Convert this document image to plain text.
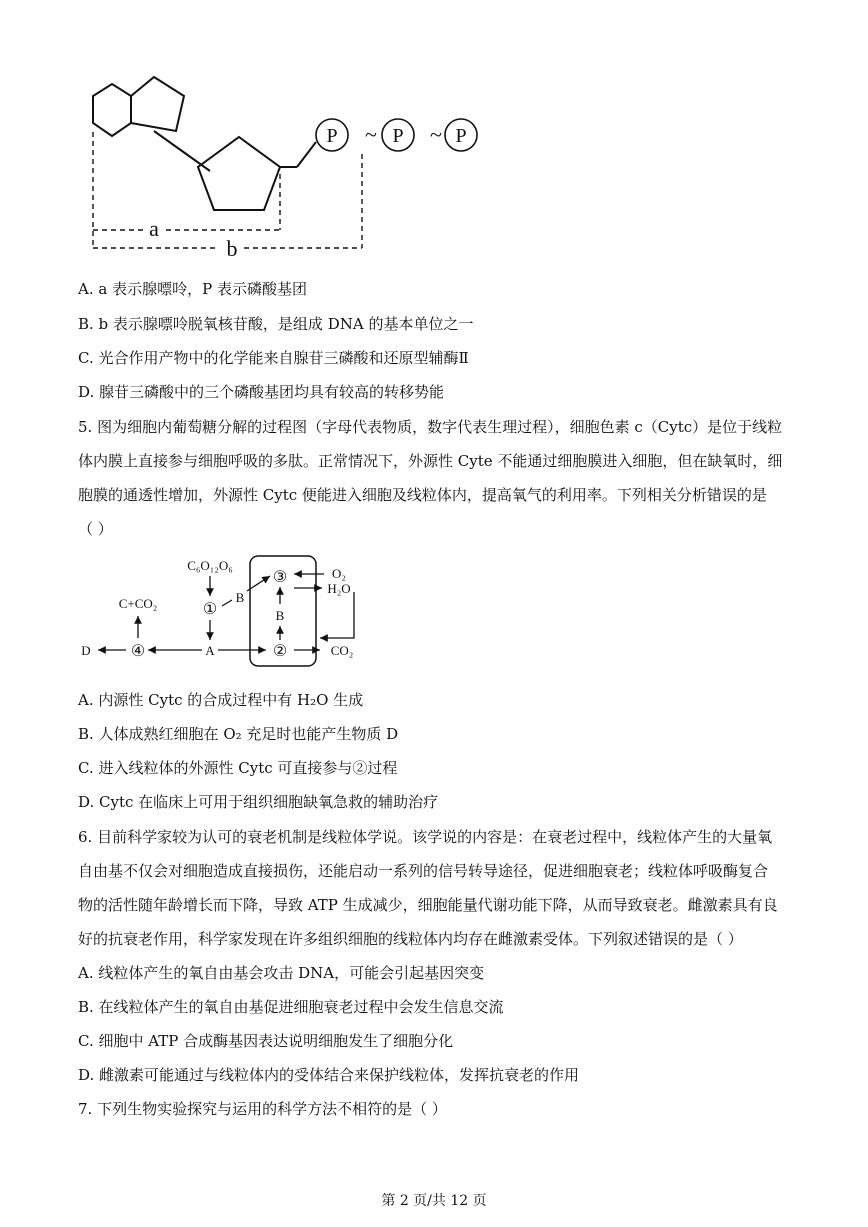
P ~ P ~ P
a
b
A. a 表示腺嘌呤，P 表示磷酸基团
B. b 表示腺嘌呤脱氧核苷酸，是组成 DNA 的基本单位之一
C. 光合作用产物中的化学能来自腺苷三磷酸和还原型辅酶Ⅱ
D. 腺苷三磷酸中的三个磷酸基团均具有较高的转移势能
5. 图为细胞内葡萄糖分解的过程图（字母代表物质，数字代表生理过程），细胞色素 c（Cytc）是位于线粒
体内膜上直接参与细胞呼吸的多肽。正常情况下，外源性 Cyte 不能通过细胞膜进入细胞，但在缺氧时，细
胞膜的通透性增加，外源性 Cytc 便能进入细胞及线粒体内，提高氧气的利用率。下列相关分析错误的是
（ ）
C₆O₁₂O₆
①
B
③	O₂
H₂O
B
②	CO₂
A
④
C+CO₂
D
A. 内源性 Cytc 的合成过程中有 H₂O 生成
B. 人体成熟红细胞在 O₂ 充足时也能产生物质 D
C. 进入线粒体的外源性 Cytc 可直接参与②过程
D. Cytc 在临床上可用于组织细胞缺氧急救的辅助治疗
6. 目前科学家较为认可的衰老机制是线粒体学说。该学说的内容是：在衰老过程中，线粒体产生的大量氧
自由基不仅会对细胞造成直接损伤，还能启动一系列的信号转导途径，促进细胞衰老；线粒体呼吸酶复合
物的活性随年龄增长而下降，导致 ATP 生成减少，细胞能量代谢功能下降，从而导致衰老。雌激素具有良
好的抗衰老作用，科学家发现在许多组织细胞的线粒体内均存在雌激素受体。下列叙述错误的是（ ）
A. 线粒体产生的氧自由基会攻击 DNA，可能会引起基因突变
B. 在线粒体产生的氧自由基促进细胞衰老过程中会发生信息交流
C. 细胞中 ATP 合成酶基因表达说明细胞发生了细胞分化
D. 雌激素可能通过与线粒体内的受体结合来保护线粒体，发挥抗衰老的作用
7. 下列生物实验探究与运用的科学方法不相符的是（ ）
第 2 页/共 12 页
